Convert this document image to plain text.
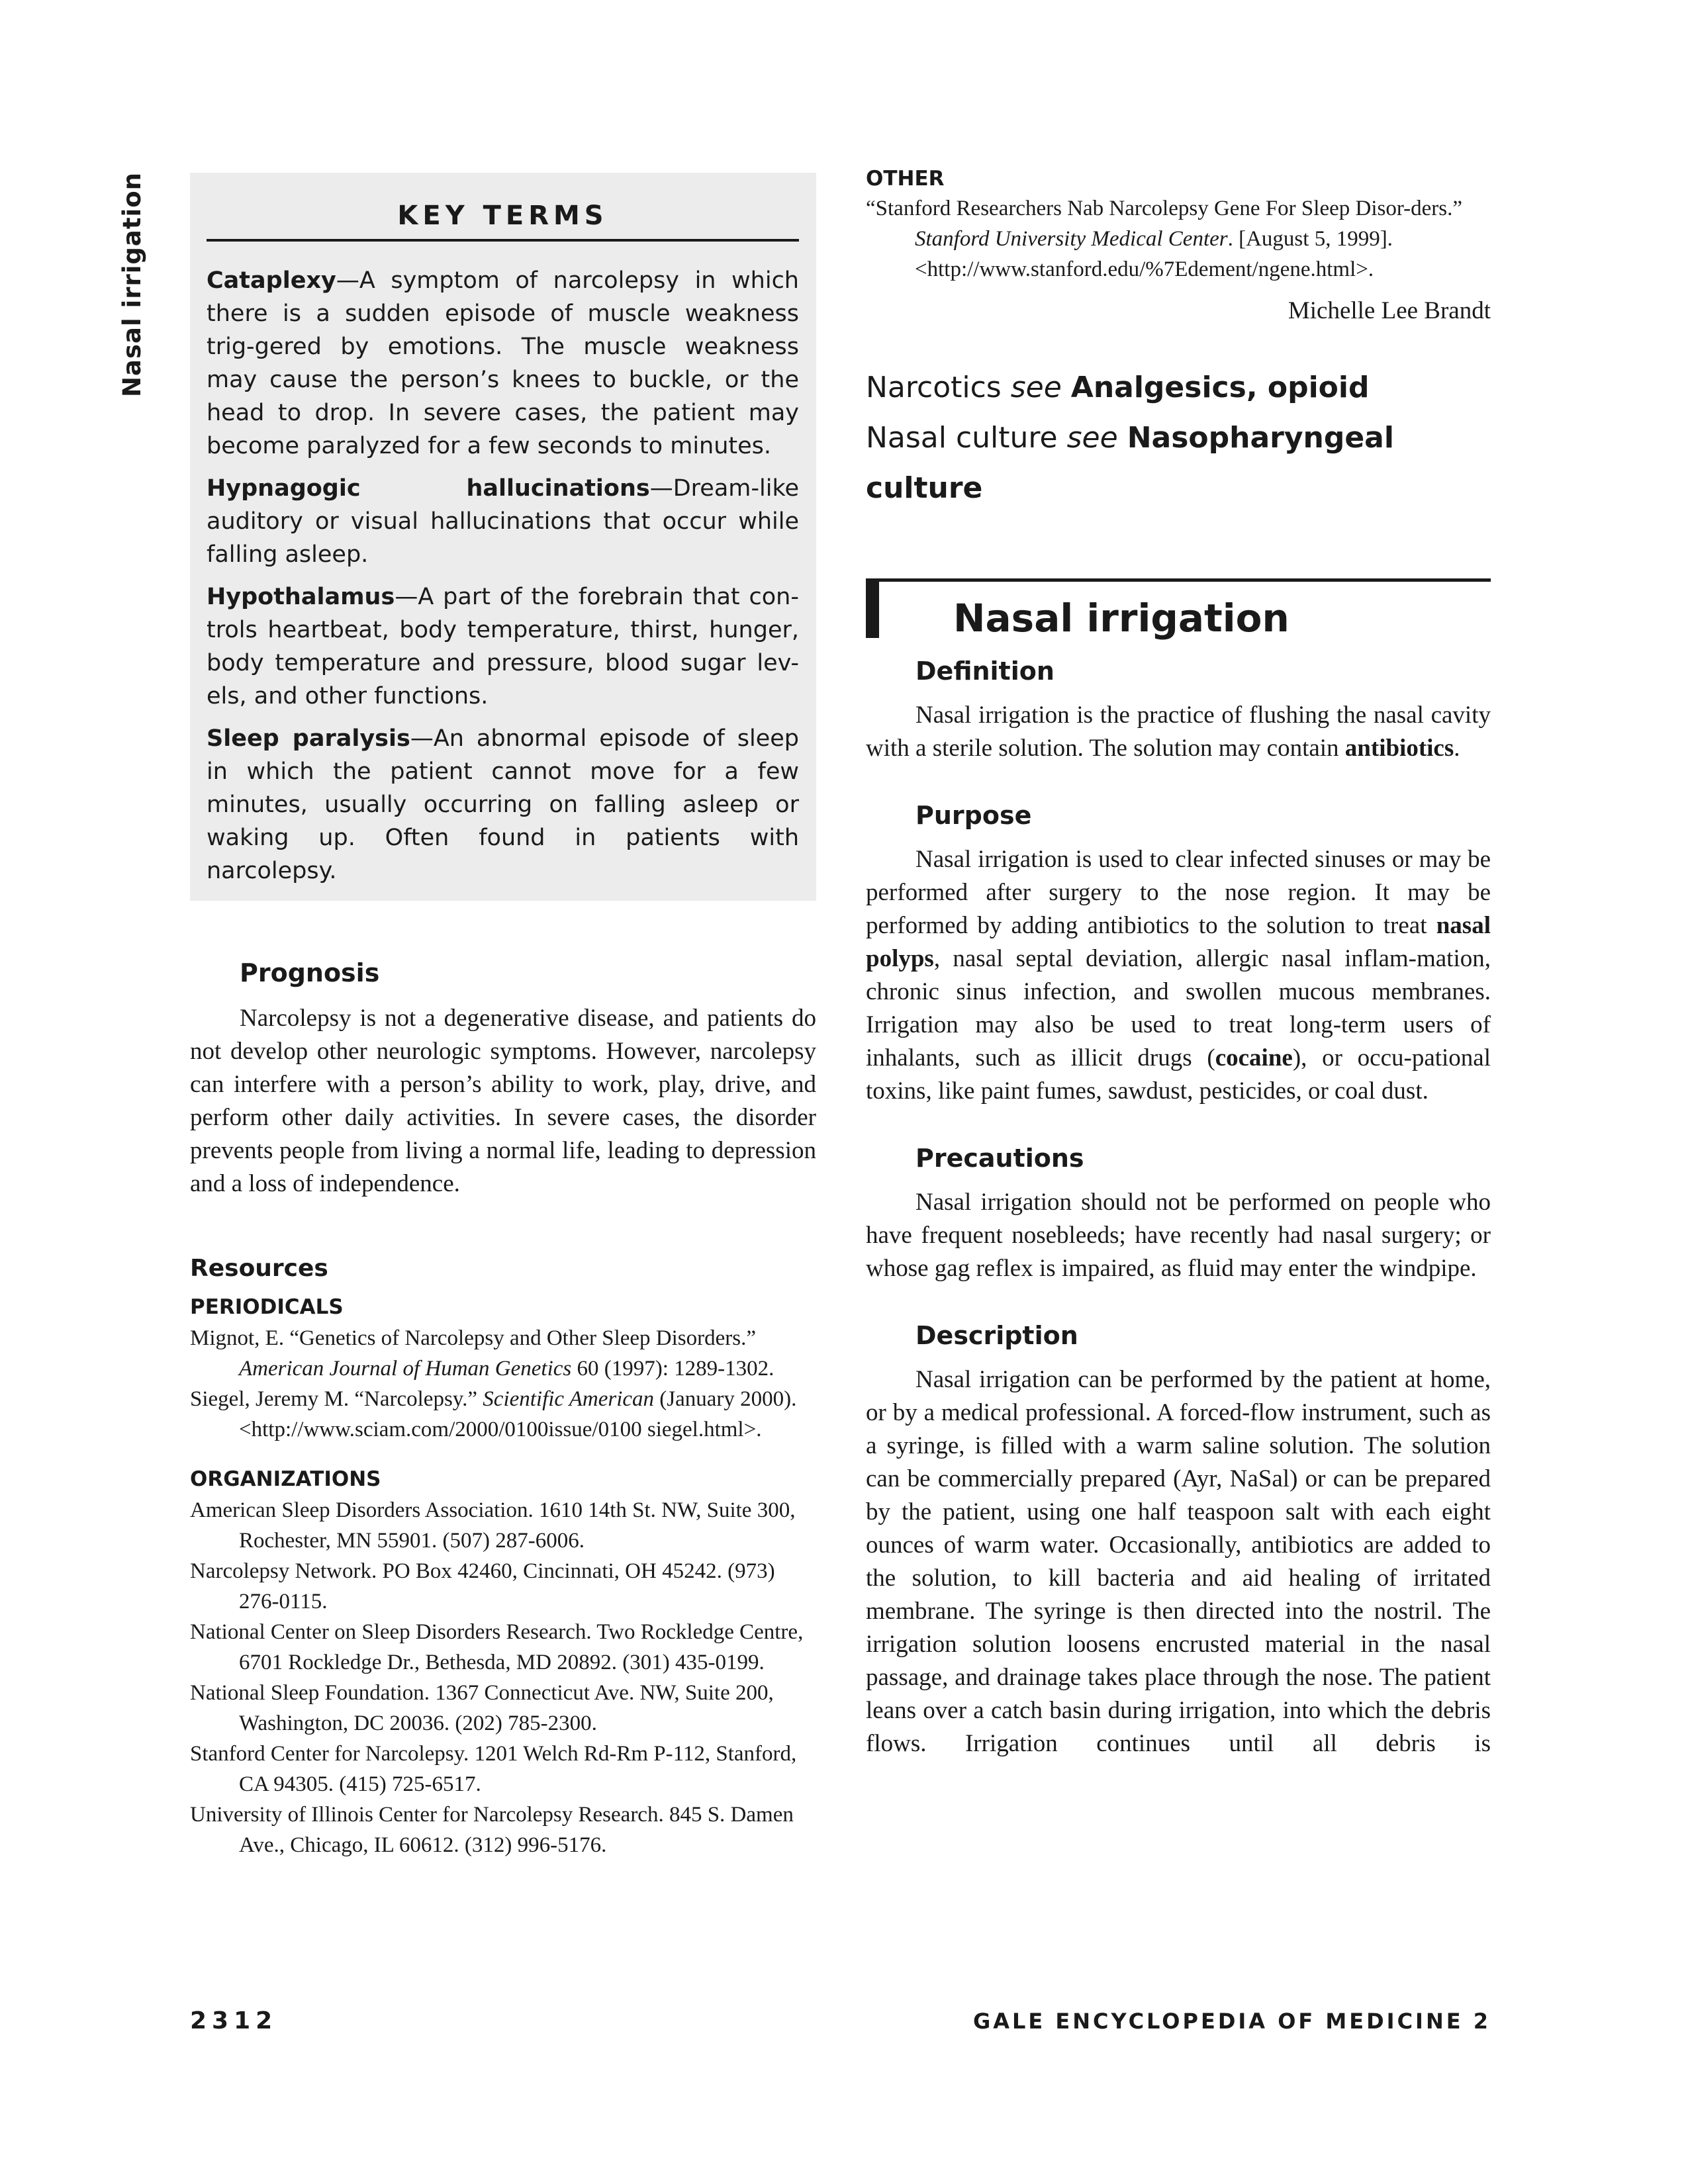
Nasal irrigation	KEY TERMS

Cataplexy—A symptom of narcolepsy in which there is a sudden episode of muscle weakness trig-gered by emotions. The muscle weakness may cause the person’s knees to buckle, or the head to drop. In severe cases, the patient may become paralyzed for a few seconds to minutes.

Hypnagogic hallucinations—Dream-like auditory or visual hallucinations that occur while falling asleep.

Hypothalamus—A part of the forebrain that con-trols heartbeat, body temperature, thirst, hunger, body temperature and pressure, blood sugar lev-els, and other functions.

Sleep paralysis—An abnormal episode of sleep in which the patient cannot move for a few minutes, usually occurring on falling asleep or waking up. Often found in patients with narcolepsy.

Prognosis

Narcolepsy is not a degenerative disease, and patients do not develop other neurologic symptoms. However, narcolepsy can interfere with a person’s ability to work, play, drive, and perform other daily activities. In severe cases, the disorder prevents people from living a normal life, leading to depression and a loss of independence.

Resources

PERIODICALS

Mignot, E. “Genetics of Narcolepsy and Other Sleep Disorders.” American Journal of Human Genetics 60 (1997): 1289-1302.

Siegel, Jeremy M. “Narcolepsy.” Scientific American (January 2000). <http://www.sciam.com/2000/0100issue/0100 siegel.html>.

ORGANIZATIONS

American Sleep Disorders Association. 1610 14th St. NW, Suite 300, Rochester, MN 55901. (507) 287-6006.

Narcolepsy Network. PO Box 42460, Cincinnati, OH 45242. (973) 276-0115.

National Center on Sleep Disorders Research. Two Rockledge Centre, 6701 Rockledge Dr., Bethesda, MD 20892. (301) 435-0199.

National Sleep Foundation. 1367 Connecticut Ave. NW, Suite 200, Washington, DC 20036. (202) 785-2300.

Stanford Center for Narcolepsy. 1201 Welch Rd-Rm P-112, Stanford, CA 94305. (415) 725-6517.

University of Illinois Center for Narcolepsy Research. 845 S. Damen Ave., Chicago, IL 60612. (312) 996-5176.

OTHER

“Stanford Researchers Nab Narcolepsy Gene For Sleep Disor-ders.” Stanford University Medical Center. [August 5, 1999]. <http://www.stanford.edu/%7Edement/ngene.html>.

Michelle Lee Brandt

Narcotics see Analgesics, opioid

Nasal culture see Nasopharyngeal culture

Nasal irrigation
Definition

Nasal irrigation is the practice of flushing the nasal cavity with a sterile solution. The solution may contain antibiotics.

Purpose

Nasal irrigation is used to clear infected sinuses or may be performed after surgery to the nose region. It may be performed by adding antibiotics to the solution to treat nasal polyps, nasal septal deviation, allergic nasal inflam-mation, chronic sinus infection, and swollen mucous membranes. Irrigation may also be used to treat long-term users of inhalants, such as illicit drugs (cocaine), or occu-pational toxins, like paint fumes, sawdust, pesticides, or coal dust.

Precautions

Nasal irrigation should not be performed on people who have frequent nosebleeds; have recently had nasal surgery; or whose gag reflex is impaired, as fluid may enter the windpipe.

Description

Nasal irrigation can be performed by the patient at home, or by a medical professional. A forced-flow instrument, such as a syringe, is filled with a warm saline solution. The solution can be commercially prepared (Ayr, NaSal) or can be prepared by the patient, using one half teaspoon salt with each eight ounces of warm water. Occasionally, antibiotics are added to the solution, to kill bacteria and aid healing of irritated membrane. The syringe is then directed into the nostril. The irrigation solution loosens encrusted material in the nasal passage, and drainage takes place through the nose. The patient leans over a catch basin during irrigation, into which the debris flows. Irrigation continues until all debris is

2312	GALE ENCYCLOPEDIA OF MEDICINE 2
